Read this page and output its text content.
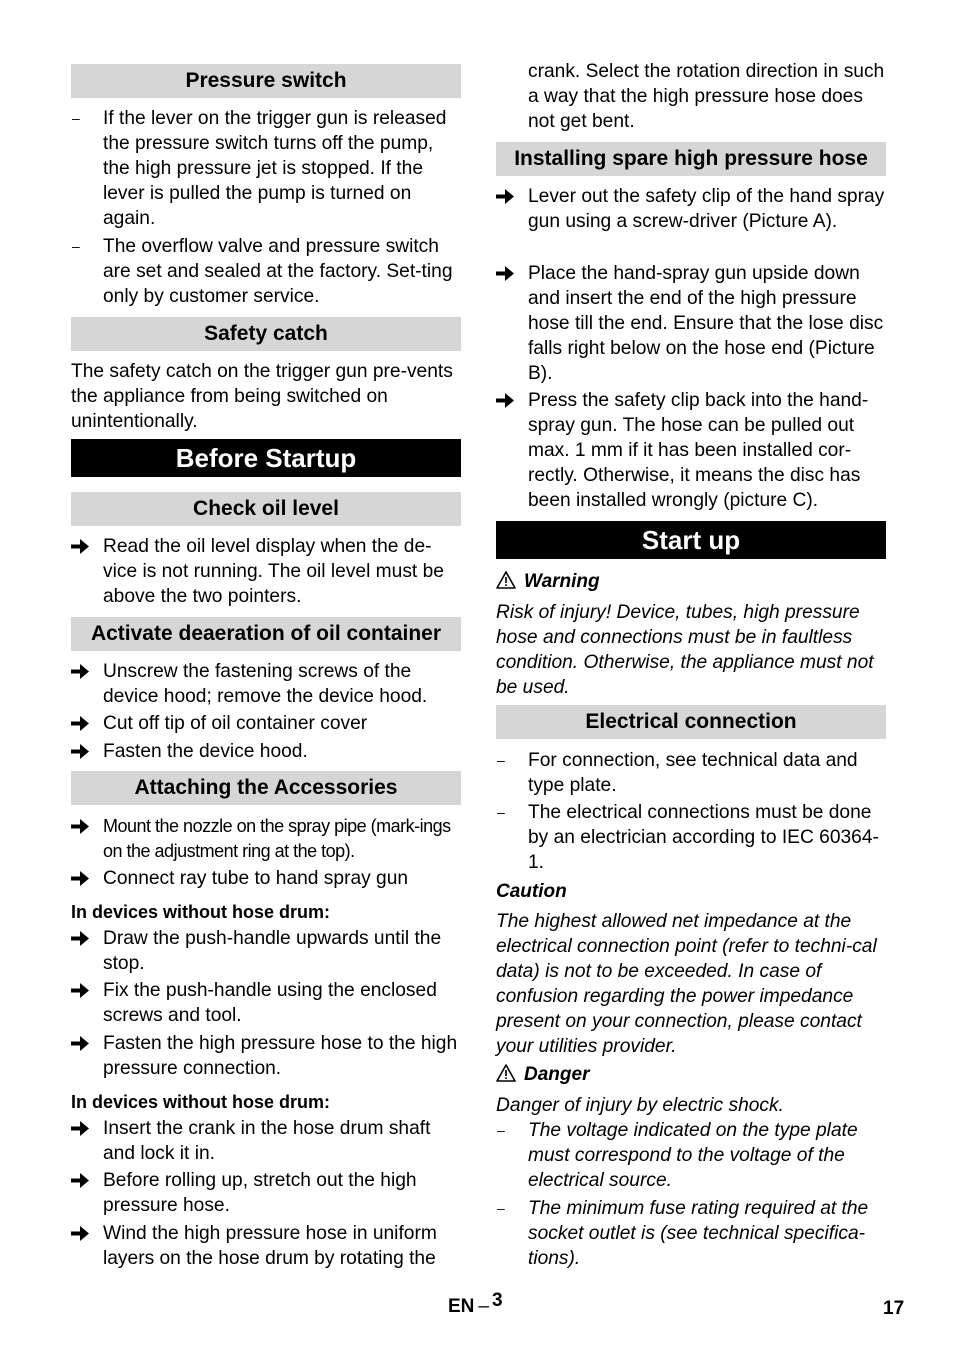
Pressure switch
–	If the lever on the trigger gun is released the pressure switch turns off the pump, the high pressure jet is stopped. If the lever is pulled the pump is turned on again.
–	The overflow valve and pressure switch are set and sealed at the factory. Set-ting only by customer service.
Safety catch
The safety catch on the trigger gun pre-vents the appliance from being switched on unintentionally.
Before Startup
Check oil level
Read the oil level display when the de-vice is not running. The oil level must be above the two pointers.
Activate deaeration of oil container
Unscrew the fastening screws of the device hood; remove the device hood.
Cut off tip of oil container cover
Fasten the device hood.
Attaching the Accessories
Mount the nozzle on the spray pipe (mark-ings on the adjustment ring at the top).
Connect ray tube to hand spray gun
In devices without hose drum:
Draw the push-handle upwards until the stop.
Fix the push-handle using the enclosed screws and tool.
Fasten the high pressure hose to the high pressure connection.
In devices without hose drum:
Insert the crank in the hose drum shaft and lock it in.
Before rolling up, stretch out the high pressure hose.
Wind the high pressure hose in uniform layers on the hose drum by rotating the
crank. Select the rotation direction in such a way that the high pressure hose does not get bent.
Installing spare high pressure hose
Lever out the safety clip of the hand spray gun using a screw-driver (Picture A).
Place the hand-spray gun upside down and insert the end of the high pressure hose till the end. Ensure that the lose disc falls right below on the hose end (Picture B).
Press the safety clip back into the hand-spray gun. The hose can be pulled out max. 1 mm if it has been installed cor-rectly. Otherwise, it means the disc has been installed wrongly (picture C).
Start up
Warning
Risk of injury! Device, tubes, high pressure hose and connections must be in faultless condition. Otherwise, the appliance must not be used.
Electrical connection
–	For connection, see technical data and type plate.
–	The electrical connections must be done by an electrician according to IEC 60364-1.
Caution
The highest allowed net impedance at the electrical connection point (refer to techni-cal data) is not to be exceeded. In case of confusion regarding the power impedance present on your connection, please contact your utilities provider.
Danger
Danger of injury by electric shock.
–	The voltage indicated on the type plate must correspond to the voltage of the electrical source.
–	The minimum fuse rating required at the socket outlet is (see technical specifica-tions).
EN – 3	17
